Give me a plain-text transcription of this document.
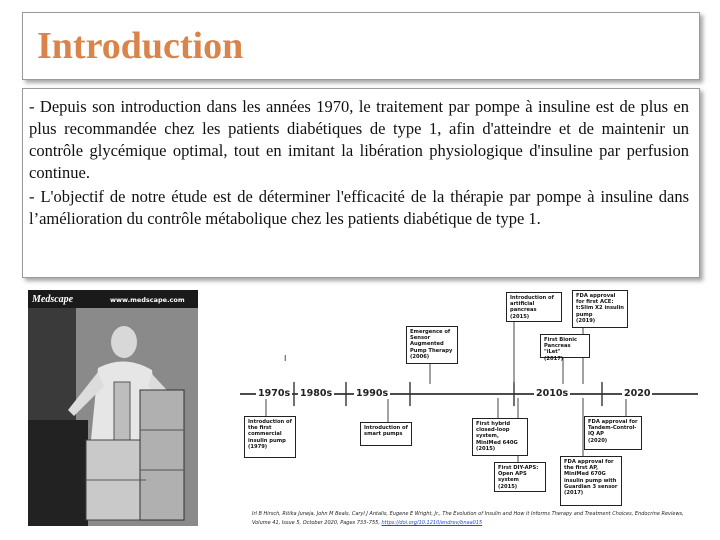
Introduction

- Depuis son introduction dans les années 1970, le traitement par pompe à insuline est de plus en plus recommandée chez les patients diabétiques de type 1, afin d'atteindre et de maintenir un contrôle glycémique optimal, tout en imitant la libération physiologique d'insuline par perfusion continue.

- L'objectif de notre étude est de déterminer l'efficacité de la thérapie par pompe à insuline dans l’amélioration du contrôle métabolique chez les patients diabétique de type 1.

Medscape	www.medscape.com
1970s 1980s	1990s	2010s	2020
I
Emergence of Sensor Augmented Pump Therapy
(2006)
Introduction of artificial pancreas
(2015)
First Bionic Pancreas "iLet"
(2017)
FDA approval for first ACE: t:Slim X2 insulin pump
(2019)
Introduction of the first commercial insulin pump
(1979)
Introduction of smart pumps
First hybrid closed-loop system, MiniMed 640G
(2015)
First DIY-APS: Open APS system
(2015)
FDA approval for Tandem-Control-IQ AP
(2020)
FDA approval for the first AP, MiniMed 670G insulin pump with Guardian 3 sensor
(2017)
Irl B Hirsch, Ritika Juneja, John M Beals, Caryl J Antalis, Eugene E Wright, Jr., The Evolution of Insulin and How it Informs Therapy and Treatment Choices, Endocrine Reviews, Volume 41, Issue 5, October 2020, Pages 733–755, https://doi.org/10.1210/endrev/bnaa015
